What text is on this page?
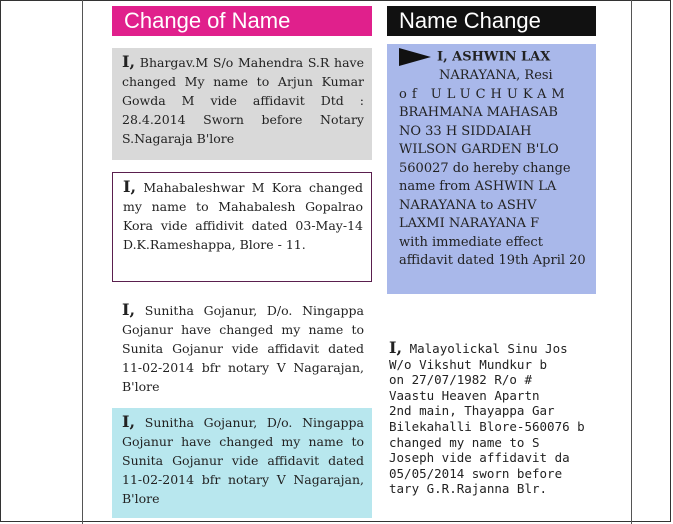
Change of Name
I, Bhargav.M S/o Mahendra S.R have changed My name to Arjun Kumar Gowda M vide affidavit Dtd : 28.4.2014 Sworn before Notary S.Nagaraja B'lore
I, Mahabaleshwar M Kora changed my name to Mahabalesh Gopalrao Kora vide affidivit dated 03-May-14 D.K.Rameshappa, Blore - 11.
I, Sunitha Gojanur, D/o. Ningappa Gojanur have changed my name to Sunita Gojanur vide affidavit dated 11-02-2014 bfr notary V Nagarajan, B'lore
I, Sunitha Gojanur, D/o. Ningappa Gojanur have changed my name to Sunita Gojanur vide affidavit dated 11-02-2014 bfr notary V Nagarajan, B'lore
Name Change
I, ASHWIN LAX
NARAYANA, Resi
of ULUCHUKAM
BRAHMANA MAHASAB
NO 33 H SIDDAIAH
WILSON GARDEN B'LO
560027 do hereby change
name from ASHWIN LA
NARAYANA to ASHV
LAXMI NARAYANA F
with immediate effect
affidavit dated 19th April 20
I, Malayolickal Sinu Jos
W/o Vikshut Mundkur b
on 27/07/1982 R/o #
Vaastu Heaven Apartn
2nd main, Thayappa Gar
Bilekahalli Blore-560076 b
changed my name to S
Joseph vide affidavit da
05/05/2014 sworn before
tary G.R.Rajanna Blr.
